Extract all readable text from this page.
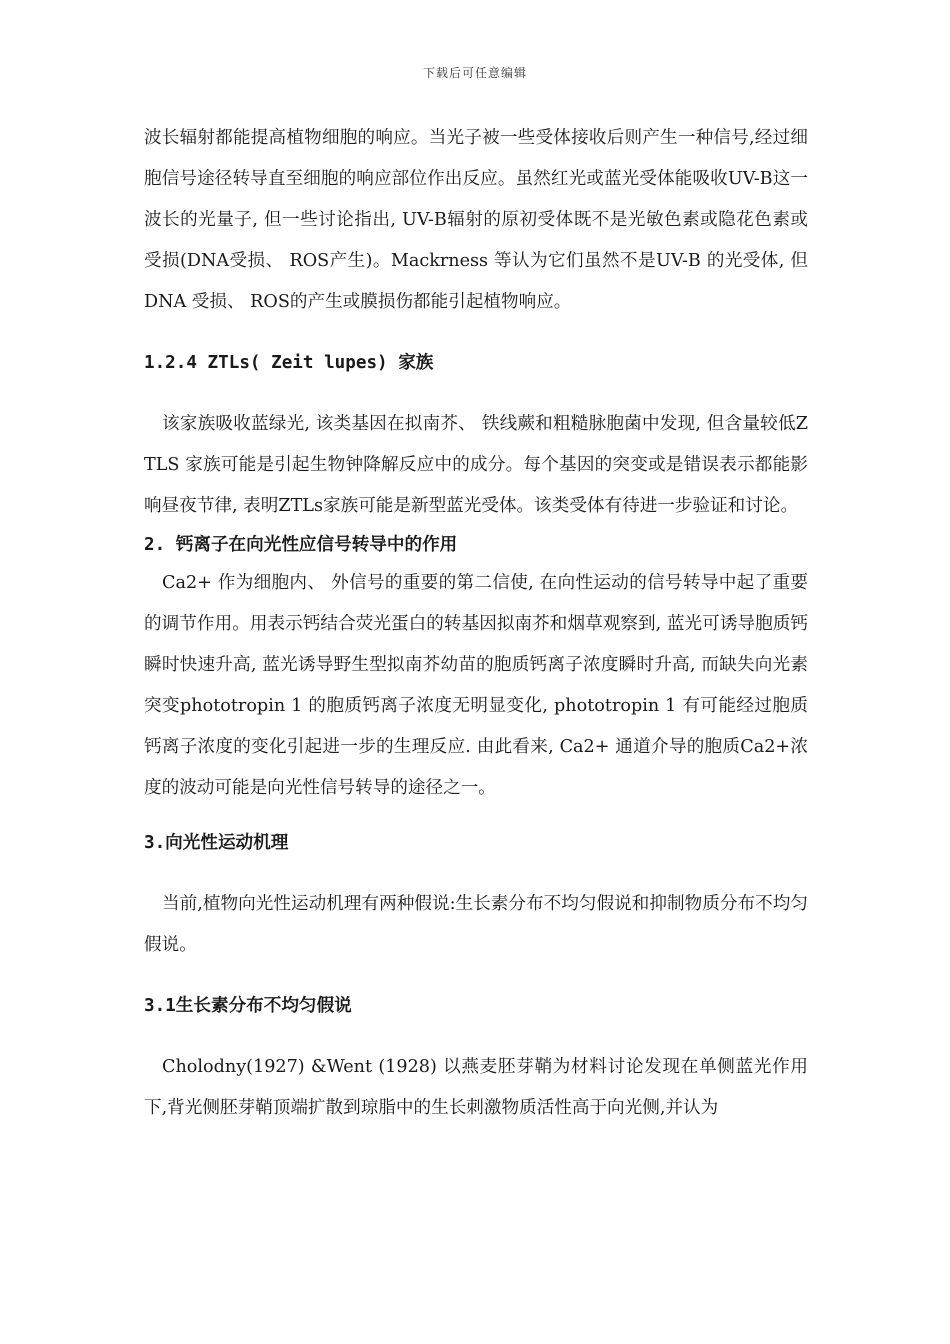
下载后可任意编辑

波长辐射都能提高植物细胞的响应。当光子被一些受体接收后则产生一种信号,经过细胞信号途径转导直至细胞的响应部位作出反应。虽然红光或蓝光受体能吸收UV-B这一波长的光量子, 但一些讨论指出, UV-B辐射的原初受体既不是光敏色素或隐花色素或受损(DNA受损、 ROS产生)。Mackrness 等认为它们虽然不是UV-B 的光受体, 但DNA 受损、 ROS的产生或膜损伤都能引起植物响应。

1.2.4 ZTLs( Zeit lupes) 家族

该家族吸收蓝绿光, 该类基因在拟南芥、 铁线蕨和粗糙脉胞菌中发现, 但含量较低ZTLS 家族可能是引起生物钟降解反应中的成分。每个基因的突变或是错误表示都能影响昼夜节律, 表明ZTLs家族可能是新型蓝光受体。该类受体有待进一步验证和讨论。

2. 钙离子在向光性应信号转导中的作用

Ca2+ 作为细胞内、 外信号的重要的第二信使, 在向性运动的信号转导中起了重要的调节作用。用表示钙结合荧光蛋白的转基因拟南芥和烟草观察到, 蓝光可诱导胞质钙瞬时快速升高, 蓝光诱导野生型拟南芥幼苗的胞质钙离子浓度瞬时升高, 而缺失向光素突变phototropin 1 的胞质钙离子浓度无明显变化, phototropin 1 有可能经过胞质钙离子浓度的变化引起进一步的生理反应. 由此看来, Ca2+ 通道介导的胞质Ca2+浓度的波动可能是向光性信号转导的途径之一。

3.向光性运动机理

当前,植物向光性运动机理有两种假说:生长素分布不均匀假说和抑制物质分布不均匀假说。

3.1生长素分布不均匀假说

Cholodny(1927) &Went (1928) 以燕麦胚芽鞘为材料讨论发现在单侧蓝光作用下,背光侧胚芽鞘顶端扩散到琼脂中的生长刺激物质活性高于向光侧,并认为
